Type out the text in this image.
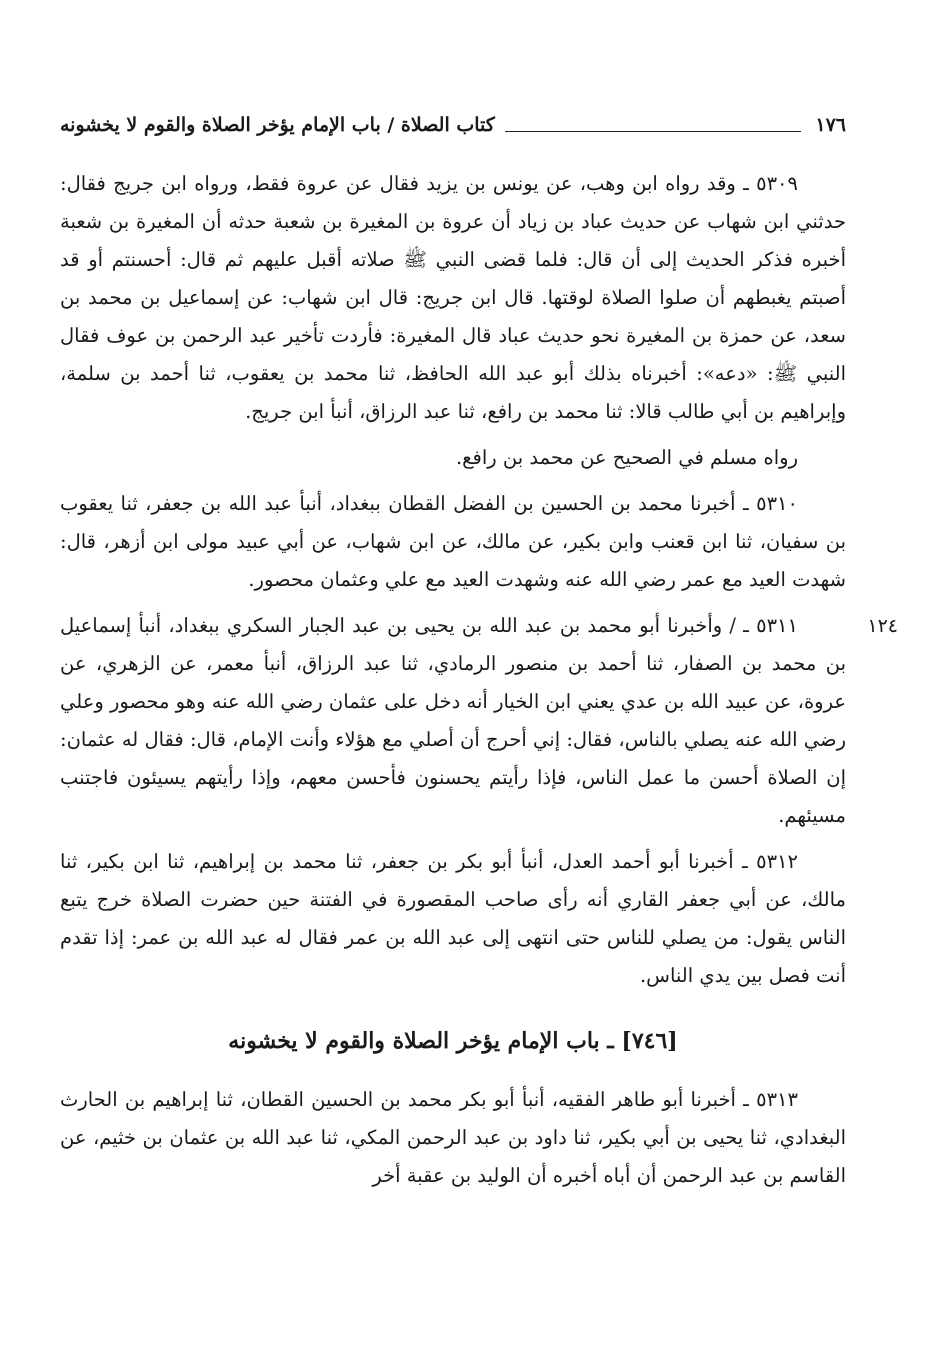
١٧٦
كتاب الصلاة / باب الإمام يؤخر الصلاة والقوم لا يخشونه

٥٣٠٩ ـ وقد رواه ابن وهب، عن يونس بن يزيد فقال عن عروة فقط، ورواه ابن جريج فقال: حدثني ابن شهاب عن حديث عباد بن زياد أن عروة بن المغيرة بن شعبة حدثه أن المغيرة بن شعبة أخبره فذكر الحديث إلى أن قال: فلما قضى النبي ﷺ صلاته أقبل عليهم ثم قال: أحسنتم أو قد أصبتم يغبطهم أن صلوا الصلاة لوقتها. قال ابن جريج: قال ابن شهاب: عن إسماعيل بن محمد بن سعد، عن حمزة بن المغيرة نحو حديث عباد قال المغيرة: فأردت تأخير عبد الرحمن بن عوف فقال النبي ﷺ: «دعه»: أخبرناه بذلك أبو عبد الله الحافظ، ثنا محمد بن يعقوب، ثنا أحمد بن سلمة، وإبراهيم بن أبي طالب قالا: ثنا محمد بن رافع، ثنا عبد الرزاق، أنبأ ابن جريج.

رواه مسلم في الصحيح عن محمد بن رافع.

٥٣١٠ ـ أخبرنا محمد بن الحسين بن الفضل القطان ببغداد، أنبأ عبد الله بن جعفر، ثنا يعقوب بن سفيان، ثنا ابن قعنب وابن بكير، عن مالك، عن ابن شهاب، عن أبي عبيد مولى ابن أزهر، قال: شهدت العيد مع عمر رضي الله عنه وشهدت العيد مع علي وعثمان محصور.

١٢٤

٥٣١١ ـ / وأخبرنا أبو محمد بن عبد الله بن يحيى بن عبد الجبار السكري ببغداد، أنبأ إسماعيل بن محمد بن الصفار، ثنا أحمد بن منصور الرمادي، ثنا عبد الرزاق، أنبأ معمر، عن الزهري، عن عروة، عن عبيد الله بن عدي يعني ابن الخيار أنه دخل على عثمان رضي الله عنه وهو محصور وعلي رضي الله عنه يصلي بالناس، فقال: إني أحرج أن أصلي مع هؤلاء وأنت الإمام، قال: فقال له عثمان: إن الصلاة أحسن ما عمل الناس، فإذا رأيتم يحسنون فأحسن معهم، وإذا رأيتهم يسيئون فاجتنب مسيئهم.

٥٣١٢ ـ أخبرنا أبو أحمد العدل، أنبأ أبو بكر بن جعفر، ثنا محمد بن إبراهيم، ثنا ابن بكير، ثنا مالك، عن أبي جعفر القاري أنه رأى صاحب المقصورة في الفتنة حين حضرت الصلاة خرج يتبع الناس يقول: من يصلي للناس حتى انتهى إلى عبد الله بن عمر فقال له عبد الله بن عمر: إذا تقدم أنت فصل بين يدي الناس.

[٧٤٦] ـ باب الإمام يؤخر الصلاة والقوم لا يخشونه

٥٣١٣ ـ أخبرنا أبو طاهر الفقيه، أنبأ أبو بكر محمد بن الحسين القطان، ثنا إبراهيم بن الحارث البغدادي، ثنا يحيى بن أبي بكير، ثنا داود بن عبد الرحمن المكي، ثنا عبد الله بن عثمان بن خثيم، عن القاسم بن عبد الرحمن أن أباه أخبره أن الوليد بن عقبة أخر
